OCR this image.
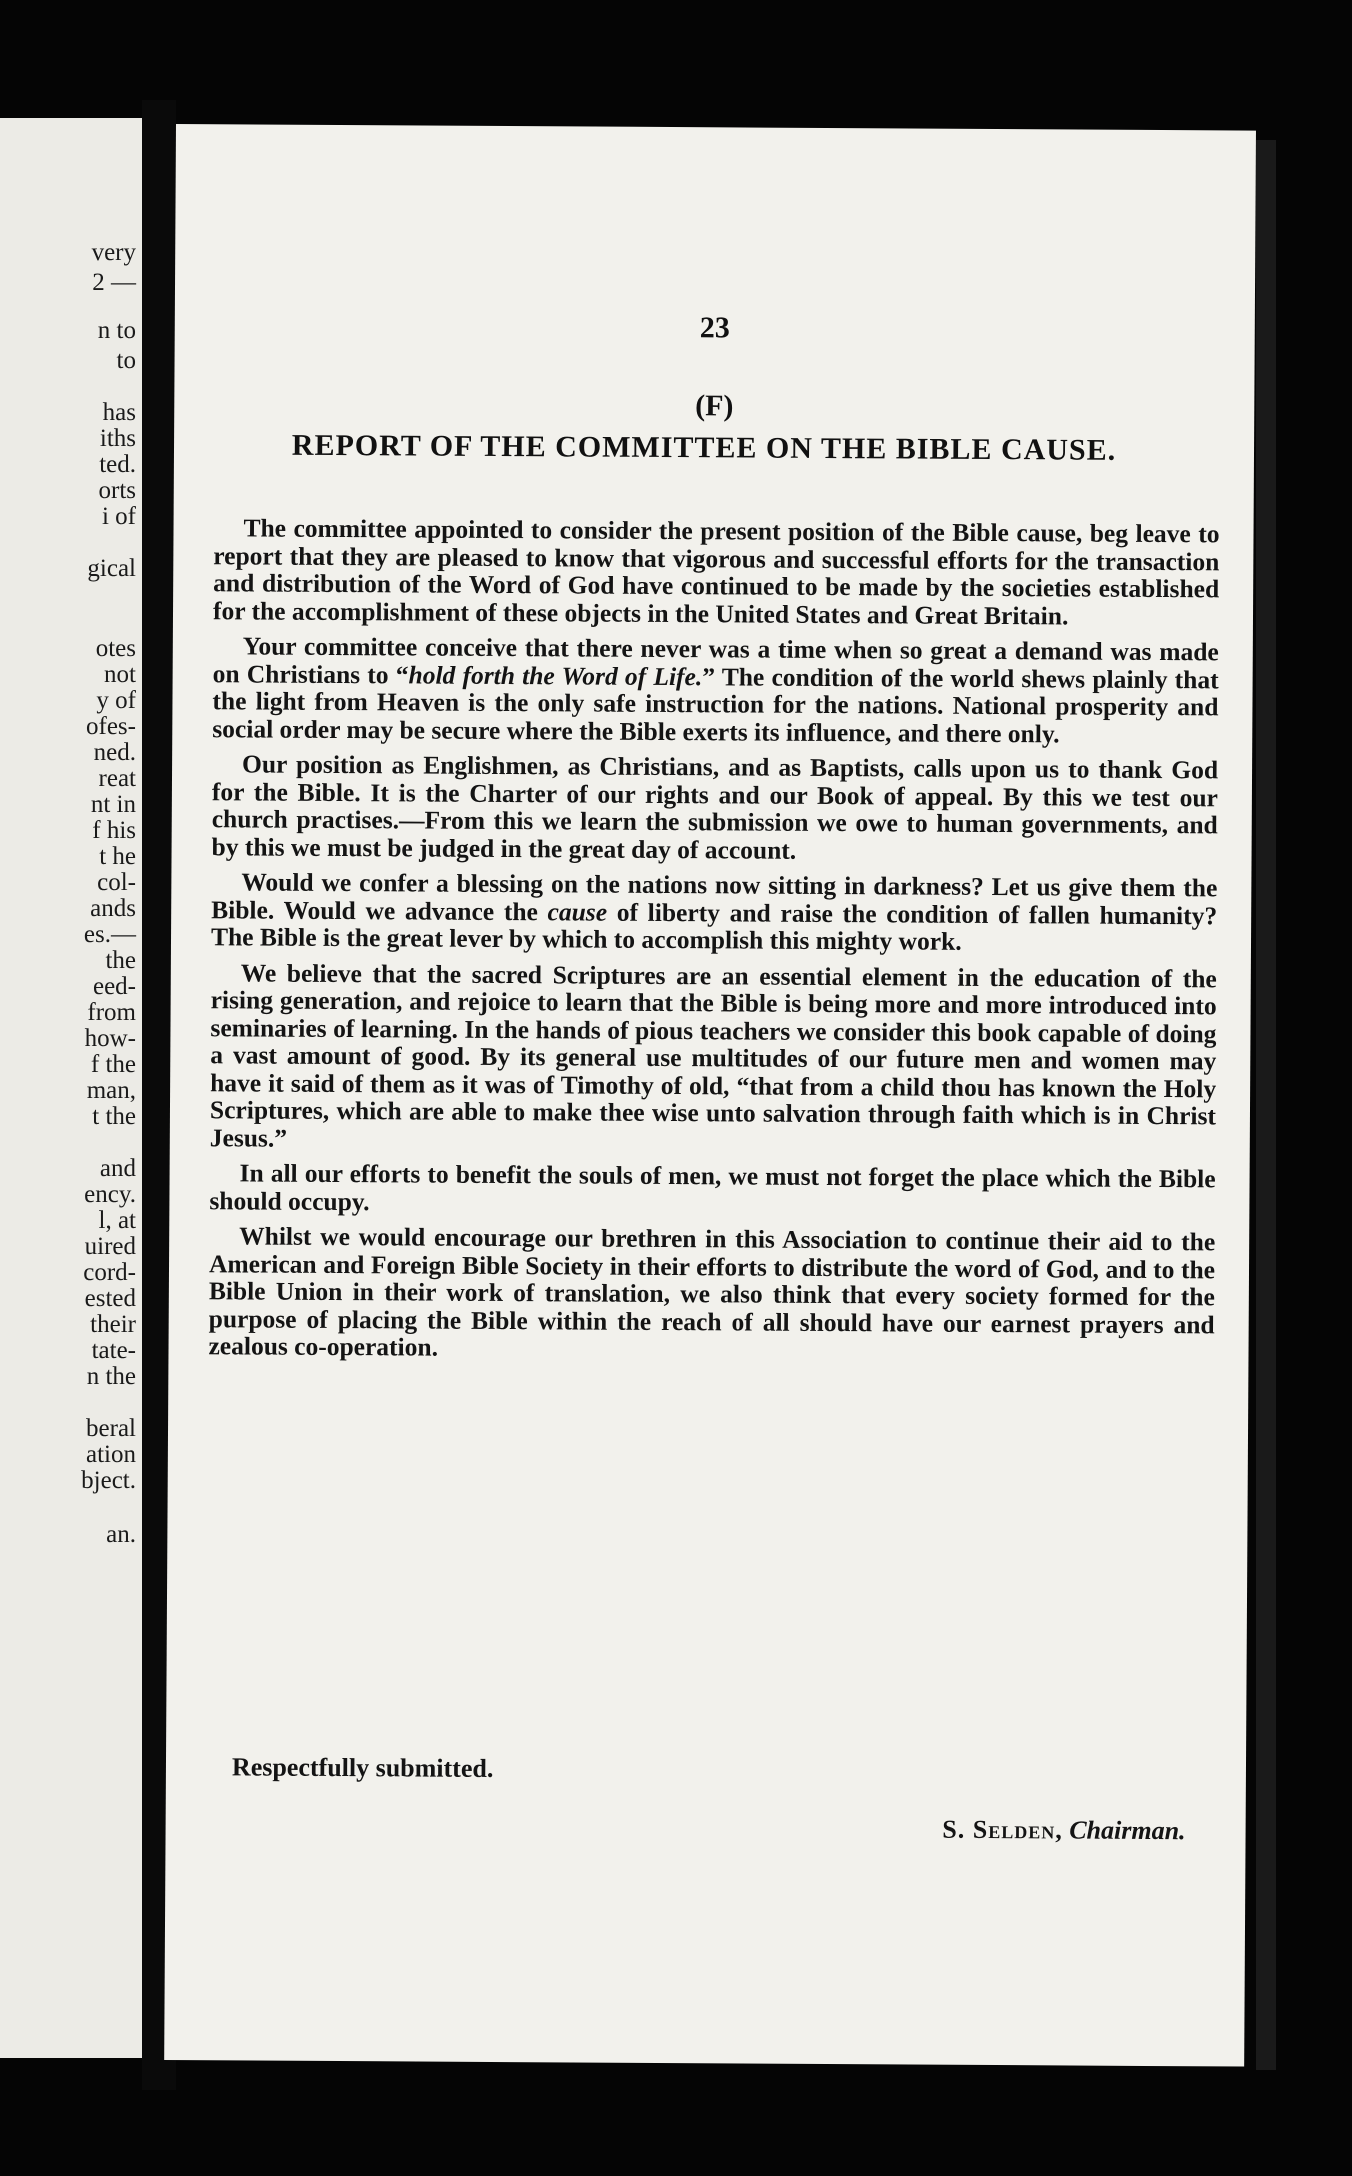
very
2 —
n to
to
has
iths
ted.
orts
i of
gical
otes
not
y of
ofes-
ned.
reat
nt in
f his
t he
col-
ands
es.—
the
eed-
from
how-
f the
man,
t the
and
ency.
l, at
uired
cord-
ested
their
tate-
n the
beral
ation
bject.
an.
23
(F)
REPORT OF THE COMMITTEE ON THE BIBLE CAUSE.

The committee appointed to consider the present position of the Bible cause, beg leave to report that they are pleased to know that vigorous and successful efforts for the transaction and distribution of the Word of God have continued to be made by the societies established for the accomplishment of these objects in the United States and Great Britain.

Your committee conceive that there never was a time when so great a demand was made on Christians to “hold forth the Word of Life.” The condition of the world shews plainly that the light from Heaven is the only safe instruction for the nations. National prosperity and social order may be secure where the Bible exerts its influence, and there only.

Our position as Englishmen, as Christians, and as Baptists, calls upon us to thank God for the Bible. It is the Charter of our rights and our Book of appeal. By this we test our church practises.—From this we learn the submission we owe to human governments, and by this we must be judged in the great day of account.

Would we confer a blessing on the nations now sitting in darkness? Let us give them the Bible. Would we advance the cause of liberty and raise the condition of fallen humanity? The Bible is the great lever by which to accomplish this mighty work.

We believe that the sacred Scriptures are an essential element in the education of the rising generation, and rejoice to learn that the Bible is being more and more introduced into seminaries of learning. In the hands of pious teachers we consider this book capable of doing a vast amount of good. By its general use multitudes of our future men and women may have it said of them as it was of Timothy of old, “that from a child thou has known the Holy Scriptures, which are able to make thee wise unto salvation through faith which is in Christ Jesus.”

In all our efforts to benefit the souls of men, we must not forget the place which the Bible should occupy.

Whilst we would encourage our brethren in this Association to continue their aid to the American and Foreign Bible Society in their efforts to distribute the word of God, and to the Bible Union in their work of translation, we also think that every society formed for the purpose of placing the Bible within the reach of all should have our earnest prayers and zealous co-operation.

Respectfully submitted.
S. Selden, Chairman.
